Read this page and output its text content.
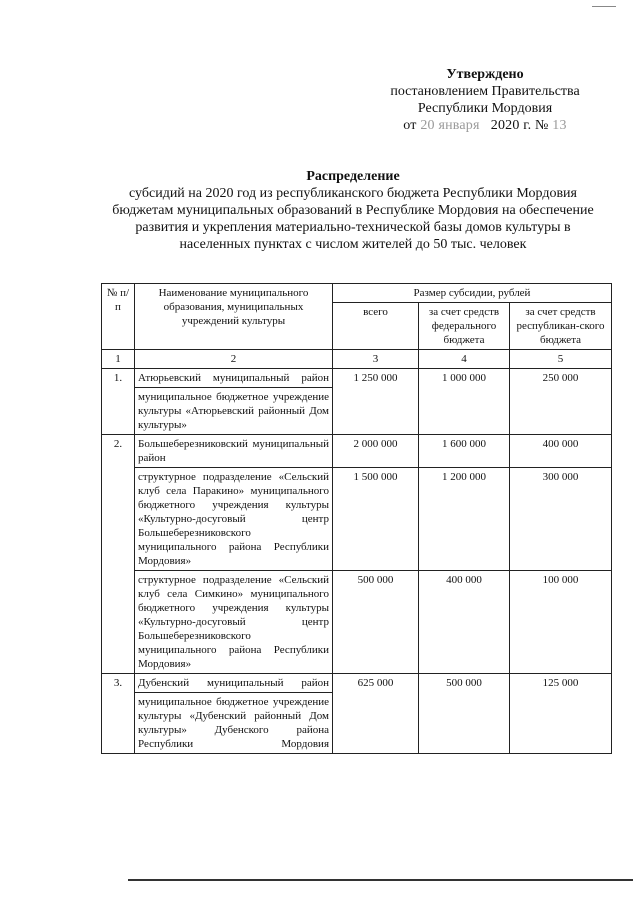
Утверждено
постановлением Правительства
Республики Мордовия
от 20 января 2020 г. № 13
Распределение
субсидий на 2020 год из республиканского бюджета Республики Мордовия
бюджетам муниципальных образований в Республике Мордовия на обеспечение
развития и укрепления материально-технической базы домов культуры в
населенных пунктах с числом жителей до 50 тыс. человек
№ п/п	Наименование муниципального образования, муниципальных учреждений культуры	Размер субсидии, рублей		
		всего	за счет средств федерального бюджета	за счет средств республикан-ского бюджета
1	2	3	4	5
1.	Атюрьевский муниципальный район	1 250 000	1 000 000	250 000
	муниципальное бюджетное учреждение культуры «Атюрьевский районный Дом культуры»			
2.	Большеберезниковский муниципальный район	2 000 000	1 600 000	400 000
	структурное подразделение «Сельский клуб села Паракино» муниципального бюджетного учреждения культуры «Культурно-досуговый центр Большеберезниковского муниципального района Республики Мордовия»	1 500 000	1 200 000	300 000
	структурное подразделение «Сельский клуб села Симкино» муниципального бюджетного учреждения культуры «Культурно-досуговый центр Большеберезниковского муниципального района Республики Мордовия»	500 000	400 000	100 000
3.	Дубенский муниципальный район	625 000	500 000	125 000
	муниципальное бюджетное учреждение культуры «Дубенский районный Дом культуры» Дубенского района Республики Мордовия			
